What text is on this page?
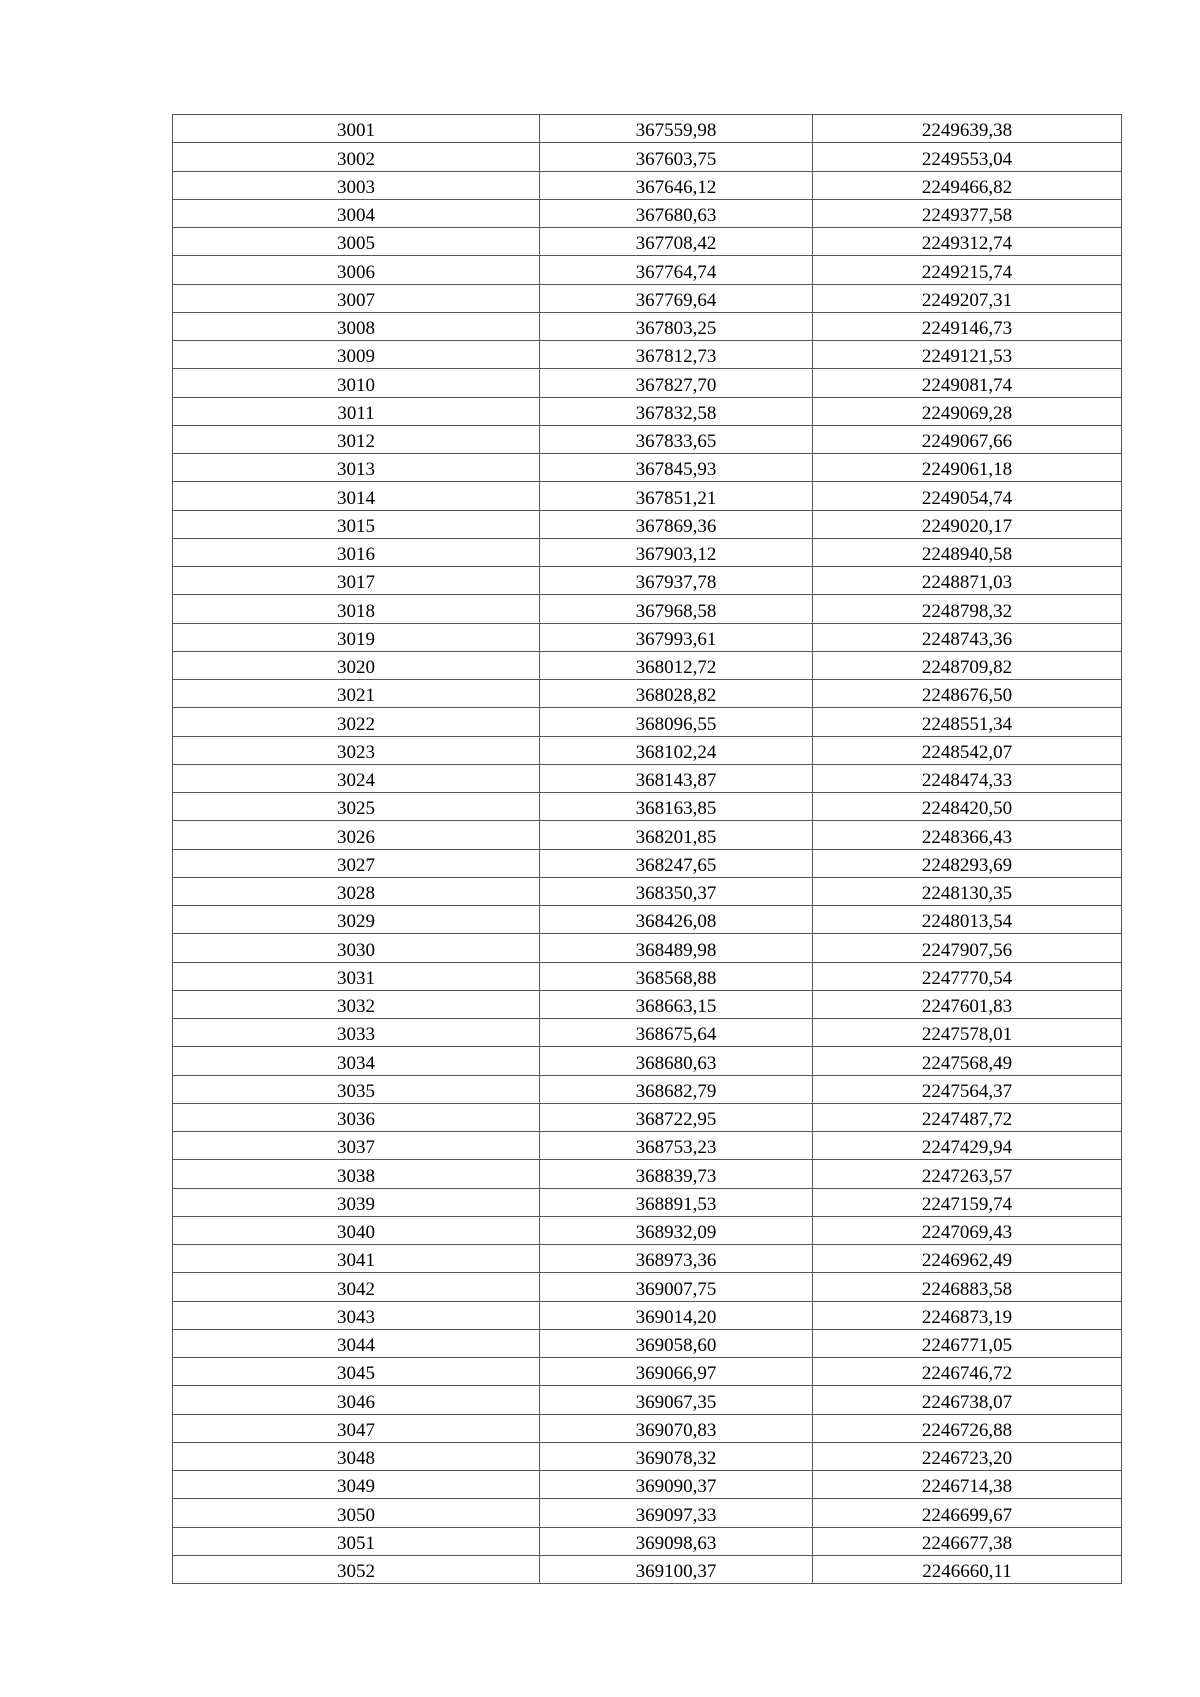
3001	367559,98	2249639,38
3002	367603,75	2249553,04
3003	367646,12	2249466,82
3004	367680,63	2249377,58
3005	367708,42	2249312,74
3006	367764,74	2249215,74
3007	367769,64	2249207,31
3008	367803,25	2249146,73
3009	367812,73	2249121,53
3010	367827,70	2249081,74
3011	367832,58	2249069,28
3012	367833,65	2249067,66
3013	367845,93	2249061,18
3014	367851,21	2249054,74
3015	367869,36	2249020,17
3016	367903,12	2248940,58
3017	367937,78	2248871,03
3018	367968,58	2248798,32
3019	367993,61	2248743,36
3020	368012,72	2248709,82
3021	368028,82	2248676,50
3022	368096,55	2248551,34
3023	368102,24	2248542,07
3024	368143,87	2248474,33
3025	368163,85	2248420,50
3026	368201,85	2248366,43
3027	368247,65	2248293,69
3028	368350,37	2248130,35
3029	368426,08	2248013,54
3030	368489,98	2247907,56
3031	368568,88	2247770,54
3032	368663,15	2247601,83
3033	368675,64	2247578,01
3034	368680,63	2247568,49
3035	368682,79	2247564,37
3036	368722,95	2247487,72
3037	368753,23	2247429,94
3038	368839,73	2247263,57
3039	368891,53	2247159,74
3040	368932,09	2247069,43
3041	368973,36	2246962,49
3042	369007,75	2246883,58
3043	369014,20	2246873,19
3044	369058,60	2246771,05
3045	369066,97	2246746,72
3046	369067,35	2246738,07
3047	369070,83	2246726,88
3048	369078,32	2246723,20
3049	369090,37	2246714,38
3050	369097,33	2246699,67
3051	369098,63	2246677,38
3052	369100,37	2246660,11
